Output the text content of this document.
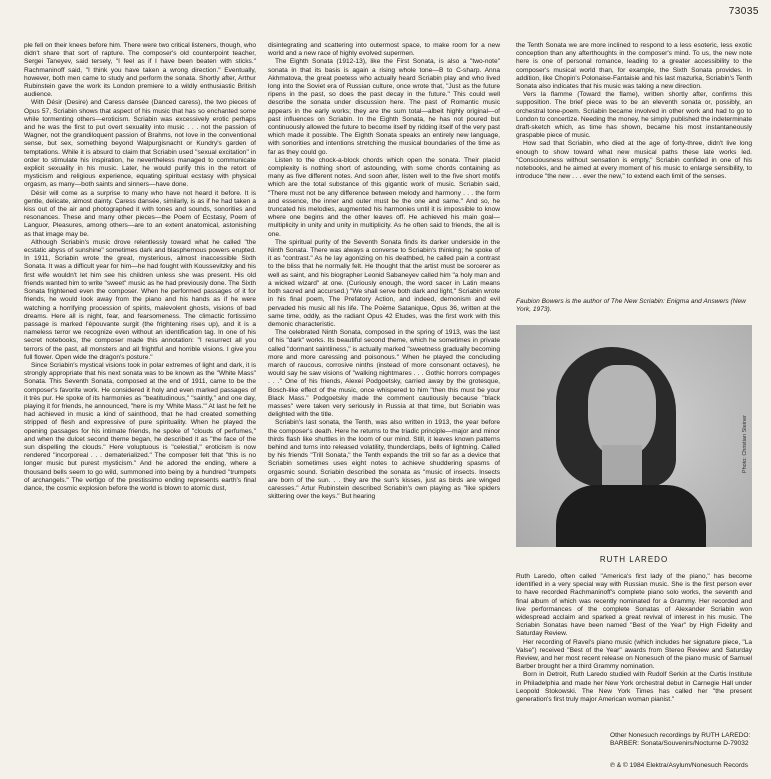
73035

ple fell on their knees before him. There were two critical listeners, though, who didn't share that sort of rapture. The composer's old counterpoint teacher, Sergei Taneyev, said tersely, "I feel as if I have been beaten with sticks." Rachmaninoff said, "I think you have taken a wrong direction." Eventually, however, both men came to study and perform the sonata. Shortly after, Arthur Rubinstein gave the work its London premiere to a wildly enthusiastic British audience.

With Désir (Desire) and Caress dansée (Danced caress), the two pieces of Opus 57, Scriabin shows that aspect of his music that has so enchanted some while tormenting others—eroticism. Scriabin was excessively erotic perhaps and he was the first to put overt sexuality into music . . . not the passion of Wagner, not the grandiloquent passion of Brahms, not love in the conventional sense, but sex, something beyond Walpurgisnacht or Kundry's garden of temptations. While it is absurd to claim that Scriabin used "sexual excitation" in order to stimulate his inspiration, he nevertheless managed to communicate explicit sexuality in his music. Later, he would purify this in the retort of mysticism and religious experience, equating spiritual ecstasy with physical orgasm, as many—both saints and sinners—have done.

Désir will come as a surprise to many who have not heard it before. It is gentle, delicate, almost dainty. Caress dansée, similarly, is as if he had taken a kiss out of the air and photographed it with tones and sounds, sonorities and resonances. These and many other pieces—the Poem of Ecstasy, Poem of Languor, Pleasures, among others—are to an extent anatomical, astonishing as that image may be.

Although Scriabin's music drove relentlessly toward what he called "the ecstatic abyss of sunshine" sometimes dark and blasphemous powers erupted. In 1911, Scriabin wrote the great, mysterious, almost inaccessible Sixth Sonata. It was a difficult year for him—he had fought with Koussevitzky and his first wife wouldn't let him see his children unless she was present. His old friends wanted him to write "sweet" music as he had previously done. The Sixth Sonata frightened even the composer. When he performed passages of it for friends, he would look away from the piano and his hands as if he were watching a horrifying procession of spirits, malevolent ghosts, visions of bad dreams. Here all is night, fear, and fearsomeness. The climactic fortissimo passage is marked l'épouvante surgit (the frightening rises up), and it is a nameless terror we recognize even without an identification tag. In one of his secret notebooks, the composer made this annotation: "I resurrect all you terrors of the past, all monsters and all frightful and horrible visions. I give you full flower. Open wide the dragon's posture."

Since Scriabin's mystical visions took in polar extremes of light and dark, it is strongly appropriate that his next sonata was to be known as the "White Mass" Sonata. This Seventh Sonata, composed at the end of 1911, came to be the composer's favorite work. He considered it holy and even marked passages of it très pur. He spoke of its harmonies as "beatitudinous," "saintly," and one day, playing it for friends, he announced, "here is my 'White Mass.'" At last he felt he had achieved in music a kind of sainthood, that he had created something stripped of flesh and expressive of pure spirituality. When he played the opening passages for his intimate friends, he spoke of "clouds of perfumes," and when the dulcet second theme began, he described it as "the face of the sun dispelling the clouds." Here voluptuous is "celestial," eroticism is now rendered "incorporeal . . . dematerialized." The composer felt that "this is no longer music but purest mysticism." And he adored the ending, where a thousand bells seem to go wild, summoned into being by a hundred "trumpets of archangels." The vertigo of the prestissimo ending represents earth's final dance, the cosmic explosion before the world is blown to atomic dust,

disintegrating and scattering into outermost space, to make room for a new world and a new race of highly evolved supermen.

The Eighth Sonata (1912-13), like the First Sonata, is also a "two-note" sonata in that its basis is again a rising whole tone—B to C-sharp. Anna Akhmatova, the great poetess who actually heard Scriabin play and who lived long into the Soviet era of Russian culture, once wrote that, "Just as the future ripens in the past, so does the past decay in the future." This could well describe the sonata under discussion here. The past of Romantic music appears in the early works; they are the sum total—albeit highly original—of past influences on Scriabin. In the Eighth Sonata, he has not poured but continuously allowed the future to become itself by ridding itself of the very past which made it possible. The Eighth Sonata speaks an entirely new language, with sonorities and intentions stretching the musical boundaries of the time as far as they could go.

Listen to the chock-a-block chords which open the sonata. Their placid complexity is nothing short of astounding, with some chords containing as many as five different notes. And soon after, listen well to the five short motifs which are the total substance of this gigantic work of music. Scriabin said, "There must not be any difference between melody and harmony . . . the form and essence, the inner and outer must be the one and same." And so, he truncated his melodies, augmented his harmonies until it is impossible to know where one begins and the other leaves off. He achieved his main goal—multiplicity in unity and unity in multiplicity. As he often said to friends, the all is one.

The spiritual purity of the Seventh Sonata finds its darker underside in the Ninth Sonata. There was always a converse to Scriabin's thinking; he spoke of it as "contrast." As he lay agonizing on his deathbed, he called pain a contrast to the bliss that he normally felt. He thought that the artist must be sorcerer as well as saint, and his biographer Leonid Sabaneyev called him "a holy man and a wicked wizard" at one. (Curiously enough, the word sacer in Latin means both sacred and accursed.) "We shall serve both dark and light," Scriabin wrote in his final poem, The Prefatory Action, and indeed, demonism and evil pervaded his music all his life. The Poème Satanique, Opus 36, written at the same time, oddly, as the radiant Opus 42 Etudes, was the first work with this demonic characteristic.

The celebrated Ninth Sonata, composed in the spring of 1913, was the last of his "dark" works. Its beautiful second theme, which he sometimes in private called "dormant saintliness," is actually marked "sweetness gradually becoming more and more caressing and poisonous." When he played the concluding march of raucous, corrosive ninths (instead of more consonant octaves), he would say he saw visions of "walking nightmares . . . Gothic horrors compages . . ." One of his friends, Alexei Podgoetsky, carried away by the grotesque, Bosch-like effect of the music, once whispered to him "then this must be your Black Mass." Podgoetsky made the comment cautiously because "black masses" were taken very seriously in Russia at that time, but Scriabin was delighted with the title.

Scriabin's last sonata, the Tenth, was also written in 1913, the year before the composer's death. Here he returns to the triadic principle—major and minor thirds flash like shuttles in the loom of our mind. Still, it leaves known patterns behind and turns into released volatility, thunderclaps, bells of lightning. Called by his friends "Trill Sonata," the Tenth expands the trill so far as a device that Scriabin sometimes uses eight notes to achieve shuddering spasms of orgasmic sound. Scriabin described the sonata as "music of insects. Insects are born of the sun. . . they are the sun's kisses, just as birds are winged caresses." Artur Rubinstein described Scriabin's own playing as "like spiders skittering over the keys." But hearing

the Tenth Sonata we are more inclined to respond to a less esoteric, less exotic conception than any afterthoughts in the composer's mind. To us, the new note here is one of personal romance, leading to a greater accessibility to the composer's musical world than, for example, the Sixth Sonata provides. In addition, like Chopin's Polonaise-Fantaisie and his last mazurka, Scriabin's Tenth Sonata also indicates that his music was taking a new direction.

Vers la flamme (Toward the flame), written shortly after, confirms this supposition. The brief piece was to be an eleventh sonata or, possibly, an orchestral tone-poem. Scriabin became involved in other work and had to go to London to concertize. Needing the money, he simply published the indeterminate draft-sketch which, as time has shown, became his most instantaneously graspable piece of music.

How sad that Scriabin, who died at the age of forty-three, didn't live long enough to show toward what new musical paths these late works led. "Consciousness without sensation is empty," Scriabin confided in one of his notebooks, and he aimed at every moment of his music to enlarge sensibility, to introduce "the new . . . ever the new," to extend each limit of the senses.

Faubion Bowers is the author of The New Scriabin: Enigma and Answers (New York, 1973).
Photo: Christian Steiner
RUTH LAREDO

Ruth Laredo, often called "America's first lady of the piano," has become identified in a very special way with Russian music. She is the first person ever to have recorded Rachmaninoff's complete piano solo works, the seventh and final album of which was recently nominated for a Grammy. Her recorded and live performances of the complete Sonatas of Alexander Scriabin won widespread acclaim and sparked a great revival of interest in his music. The Scriabin Sonatas have been named "Best of the Year" by High Fidelity and Saturday Review.

Her recording of Ravel's piano music (which includes her signature piece, "La Valse") received "Best of the Year" awards from Stereo Review and Saturday Review, and her most recent release on Nonesuch of the piano music of Samuel Barber brought her a third Grammy nomination.

Born in Detroit, Ruth Laredo studied with Rudolf Serkin at the Curtis Institute in Philadelphia and made her New York orchestral debut in Carnegie Hall under Leopold Stokowski. The New York Times has called her "the present generation's first truly major American woman pianist."

Other Nonesuch recordings by RUTH LAREDO:
BARBER: Sonata/Souvenirs/Nocturne D-79032
℗ & © 1984 Elektra/Asylum/Nonesuch Records
